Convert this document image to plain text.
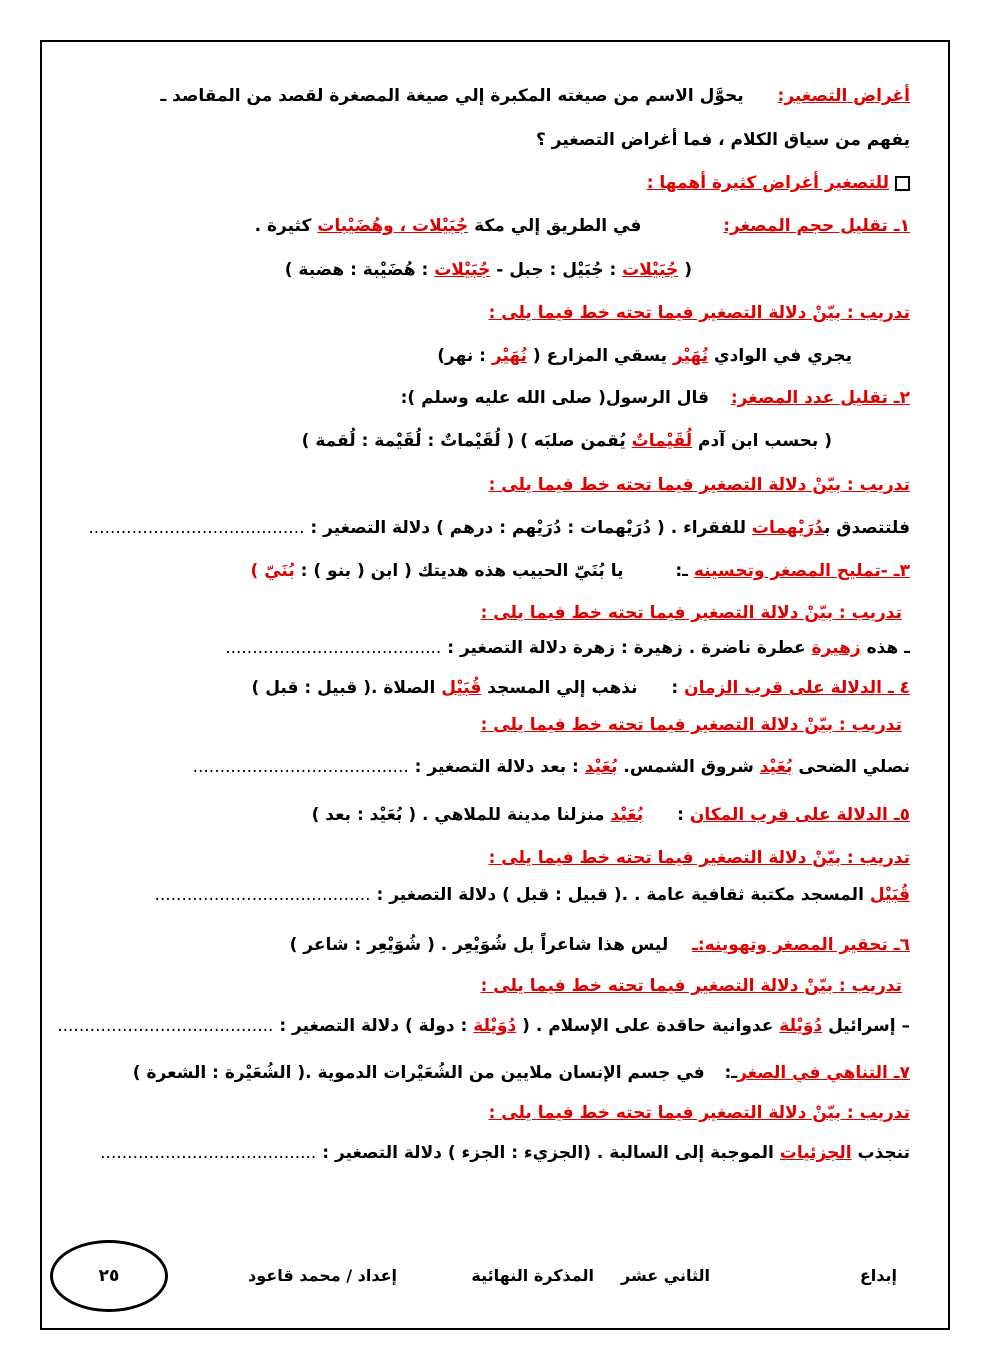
أغراض التصغير:  يحوَّل الاسم من صيغته المكبرة إلي صيغة المصغرة لقصد من المقاصد ـ
يفهم من سياق الكلام ، فما أغراض التصغير ؟
للتصغير أغراض كثيرة أهمها :
١ـ تقليل حجم المصغر:  في الطريق إلي مكة جُبَيْلات ، وهُضَيْبات كثيرة .
( جُبَيْلات : جُبَيْل : جبل - جُبَيْلات : هُضَيْبة : هضبة )
تدريب : بيّنْ دلالة التصغير فيما تحته خط فيما يلى :
يجري في الوادي نُهَيْر يسقي المزارع ( نُهَيْر : نهر)
٢ـ تقليل عدد المصغر:  قال الرسول( صلى الله عليه وسلم ):
( بحسب ابن آدم لُقَيْماتٌ يُقمن صلبَه ) ( لُقَيْماتٌ : لُقَيْمة : لُقمة )
تدريب : بيّنْ دلالة التصغير فيما تحته خط فيما يلى :
فلتتصدق بدُرَيْهمات للفقراء . ( دُرَيْهمات : دُرَيْهم : درهم ) دلالة التصغير : ........................................
٣ـ -تمليح المصغر وتحسينه ـ:  يا بُنَيّ الحبيب هذه هديتك ( ابن ( بنو ) : بُنَيّ )
تدريب : بيّنْ دلالة التصغير فيما تحته خط فيما يلى :
ـ هذه زهيرة عطرة ناضرة . زهيرة : زهرة دلالة التصغير : ........................................
٤ ـ الدلالة على قرب الزمان :  نذهب إلي المسجد قُبَيْل الصلاة .( قبيل : قبل )
تدريب : بيّنْ دلالة التصغير فيما تحته خط فيما يلى :
نصلي الضحى بُعَيْد شروق الشمس. بُعَيْد : بعد دلالة التصغير : ........................................
٥ـ الدلالة على قرب المكان :  بُعَيْد منزلنا مدينة للملاهي . ( بُعَيْد : بعد )
تدريب : بيّنْ دلالة التصغير فيما تحته خط فيما يلى :
قُبَيْل المسجد مكتبة ثقافية عامة . .( قبيل : قبل ) دلالة التصغير : ........................................
٦ـ تحقير المصغر وتهوينه:ـ  ليس هذا شاعراً بل شُوَيْعِر . ( شُوَيْعِر : شاعر )
تدريب : بيّنْ دلالة التصغير فيما تحته خط فيما يلى :
– إسرائيل دُوَيْلة عدوانية حاقدة على الإسلام . ( دُوَيْلة : دولة ) دلالة التصغير : ........................................
٧ـ التناهي في الصغرـ:  في جسم الإنسان ملايين من الشُعَيْرات الدموية .( الشُعَيْرة : الشعرة )
تدريب : بيّنْ دلالة التصغير فيما تحته خط فيما يلى :
تنجذب الجزئيات الموجبة إلى السالبة . (الجزيء : الجزء ) دلالة التصغير : ........................................
إبداع
الثاني عشر
المذكرة النهائية
إعداد / محمد قاعود
٢٥
